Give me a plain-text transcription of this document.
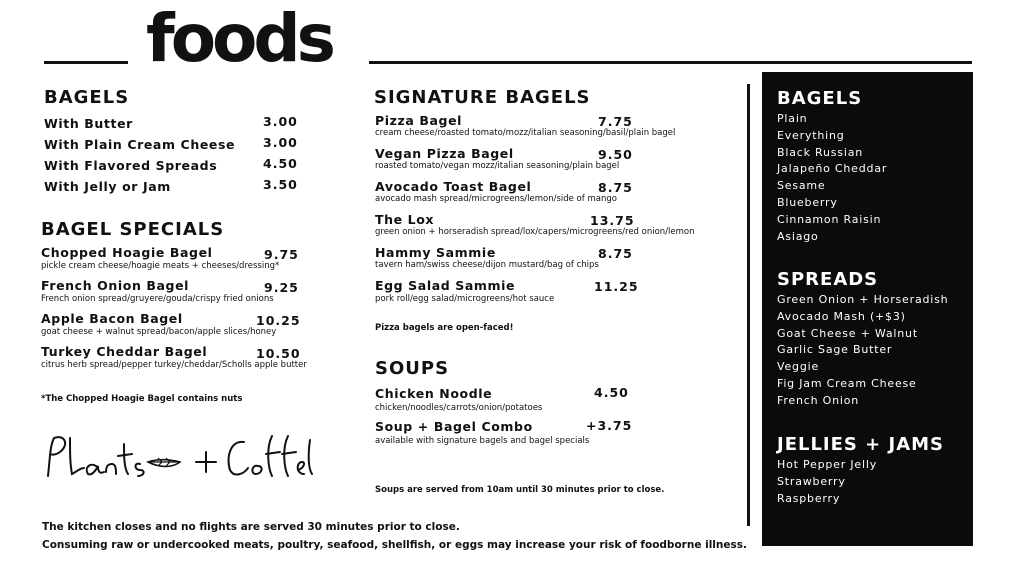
foods
BAGELS
With Butter	3.00
With Plain Cream Cheese 3.00
With Flavored Spreads	4.50
With Jelly or Jam	3.50
BAGEL SPECIALS
Chopped Hoagie Bagel	9.75
pickle cream cheese/hoagie meats + cheeses/dressing*
French Onion Bagel	9.25
French onion spread/gruyere/gouda/crispy fried onions
Apple Bacon Bagel	10.25
goat cheese + walnut spread/bacon/apple slices/honey
Turkey Cheddar Bagel	10.50
citrus herb spread/pepper turkey/cheddar/Scholls apple butter
*The Chopped Hoagie Bagel contains nuts
SIGNATURE BAGELS
Pizza Bagel	7.75
cream cheese/roasted tomato/mozz/italian seasoning/basil/plain bagel
Vegan Pizza Bagel	9.50
roasted tomato/vegan mozz/italian seasoning/plain bagel
Avocado Toast Bagel	8.75
avocado mash spread/microgreens/lemon/side of mango
The Lox	13.75
green onion + horseradish spread/lox/capers/microgreens/red onion/lemon
Hammy Sammie	8.75
tavern ham/swiss cheese/dijon mustard/bag of chips
Egg Salad Sammie	11.25
pork roll/egg salad/microgreens/hot sauce
Pizza bagels are open-faced!
SOUPS
Chicken Noodle	4.50
chicken/noodles/carrots/onion/potatoes
Soup + Bagel Combo	+3.75
available with signature bagels and bagel specials
Soups are served from 10am until 30 minutes prior to close.
BAGELS
Plain
Everything
Black Russian
Jalapeño Cheddar
Sesame
Blueberry
Cinnamon Raisin
Asiago
SPREADS
Green Onion + Horseradish
Avocado Mash (+$3)
Goat Cheese + Walnut
Garlic Sage Butter
Veggie
Fig Jam Cream Cheese
French Onion
JELLIES + JAMS
Hot Pepper Jelly
Strawberry
Raspberry
The kitchen closes and no flights are served 30 minutes prior to close.
Consuming raw or undercooked meats, poultry, seafood, shellfish, or eggs may increase your risk of foodborne illness.
